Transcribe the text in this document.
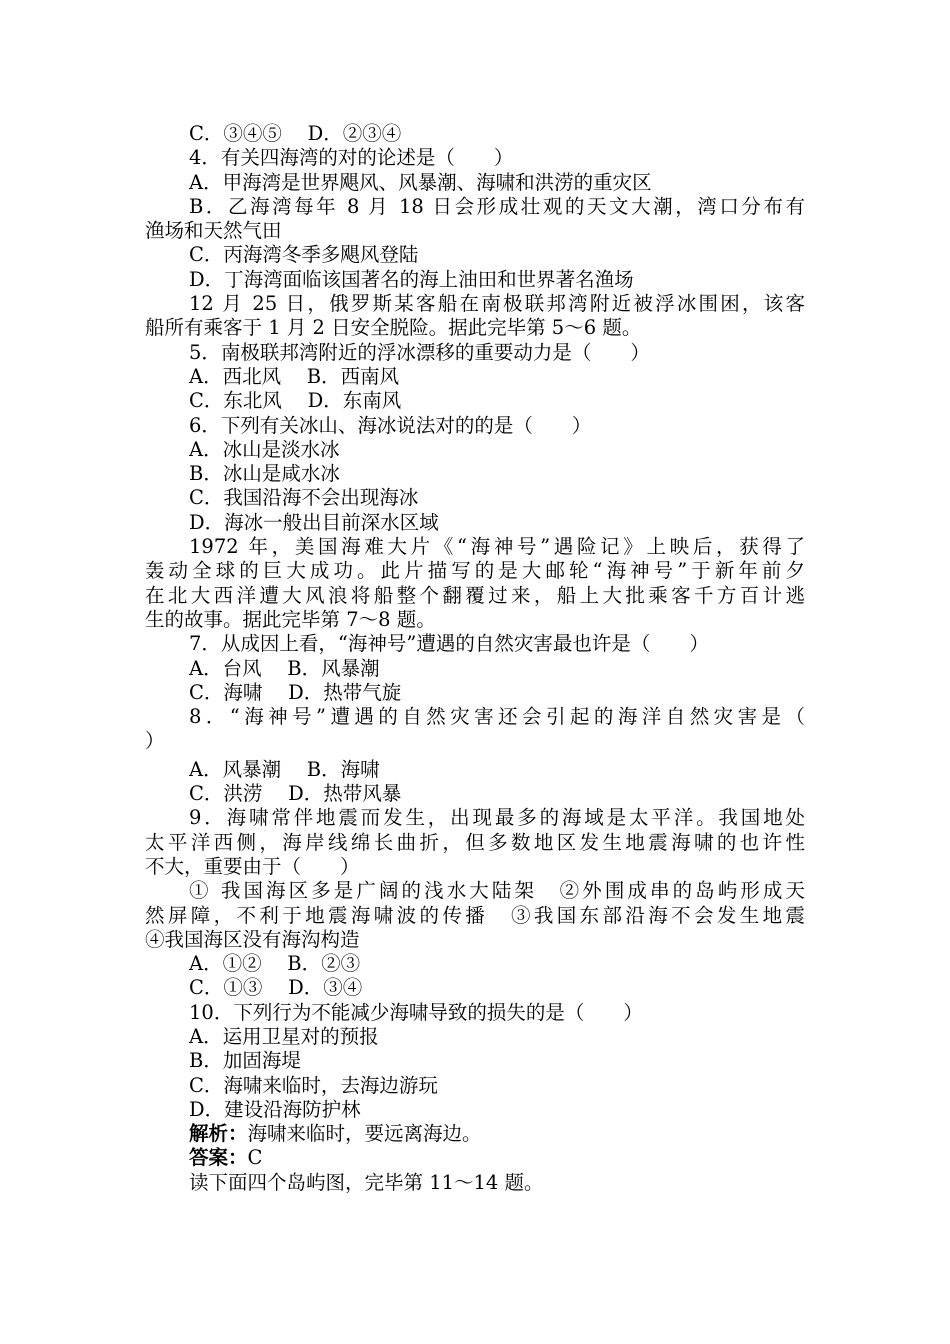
C．③④⑤　 D．②③④
4．有关四海湾的对的论述是（　　）
A．甲海湾是世界飓风、风暴潮、海啸和洪涝的重灾区
B．乙海湾每年 8 月 18 日会形成壮观的天文大潮，湾口分布有
渔场和天然气田
C．丙海湾冬季多飓风登陆
D．丁海湾面临该国著名的海上油田和世界著名渔场
12 月 25 日，俄罗斯某客船在南极联邦湾附近被浮冰围困，该客
船所有乘客于 1 月 2 日安全脱险。据此完毕第 5～6 题。
5．南极联邦湾附近的浮冰漂移的重要动力是（　　）
A．西北风　 B．西南风
C．东北风　 D．东南风
6．下列有关冰山、海冰说法对的的是（　　）
A．冰山是淡水冰
B．冰山是咸水冰
C．我国沿海不会出现海冰
D．海冰一般出目前深水区域
1972 年，美国海难大片《“海神号”遇险记》上映后，获得了
轰动全球的巨大成功。此片描写的是大邮轮“海神号”于新年前夕
在北大西洋遭大风浪将船整个翻覆过来，船上大批乘客千方百计逃
生的故事。据此完毕第 7～8 题。
7．从成因上看，“海神号”遭遇的自然灾害最也许是（　　）
A．台风　 B．风暴潮
C．海啸　 D．热带气旋
8．“海神号”遭遇的自然灾害还会引起的海洋自然灾害是（
）
A．风暴潮　 B．海啸
C．洪涝　 D．热带风暴
9．海啸常伴地震而发生，出现最多的海域是太平洋。我国地处
太平洋西侧，海岸线绵长曲折，但多数地区发生地震海啸的也许性
不大，重要由于（　　）
① 我国海区多是广阔的浅水大陆架　②外围成串的岛屿形成天
然屏障，不利于地震海啸波的传播　③我国东部沿海不会发生地震
④我国海区没有海沟构造
A．①②　 B．②③
C．①③　 D．③④
10．下列行为不能减少海啸导致的损失的是（　　）
A．运用卫星对的预报
B．加固海堤
C．海啸来临时，去海边游玩
D．建设沿海防护林
解析：海啸来临时，要远离海边。
答案：C
读下面四个岛屿图，完毕第 11～14 题。
